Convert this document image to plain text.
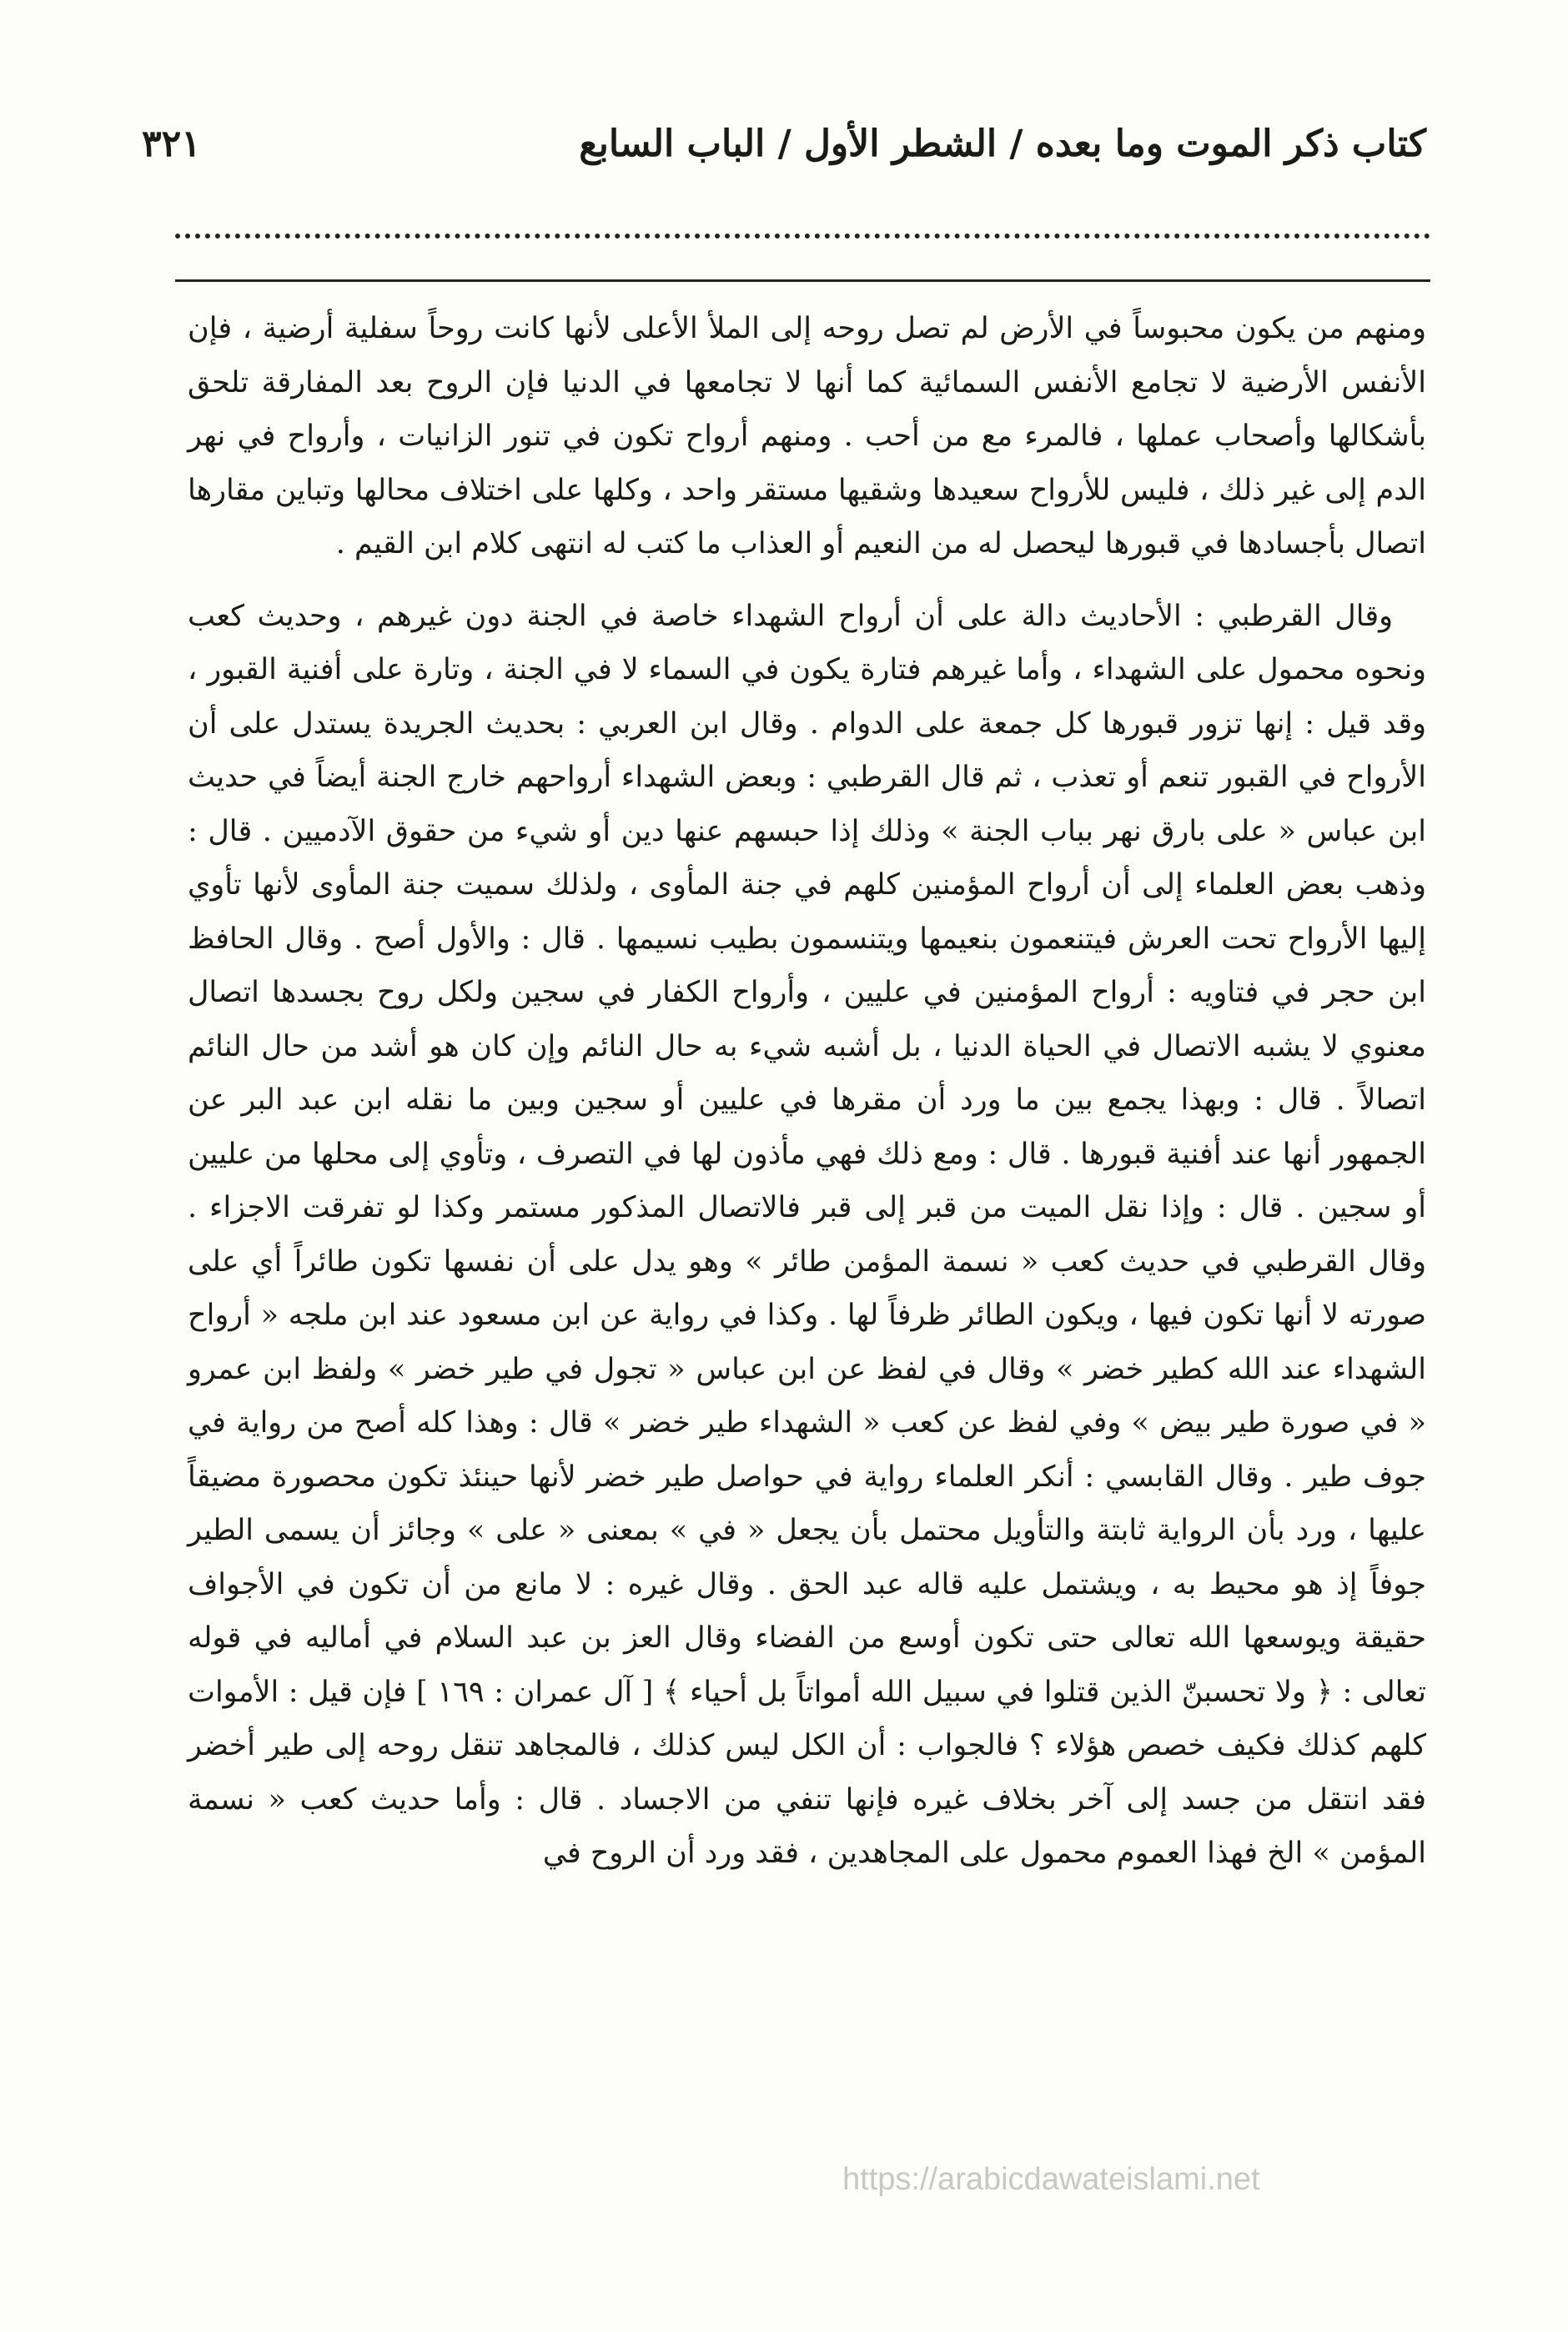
كتاب ذكر الموت وما بعده / الشطر الأول / الباب السابع
٣٢١

ومنهم من يكون محبوساً في الأرض لم تصل روحه إلى الملأ الأعلى لأنها كانت روحاً سفلية أرضية ، فإن الأنفس الأرضية لا تجامع الأنفس السمائية كما أنها لا تجامعها في الدنيا فإن الروح بعد المفارقة تلحق بأشكالها وأصحاب عملها ، فالمرء مع من أحب . ومنهم أرواح تكون في تنور الزانيات ، وأرواح في نهر الدم إلى غير ذلك ، فليس للأرواح سعيدها وشقيها مستقر واحد ، وكلها على اختلاف محالها وتباين مقارها اتصال بأجسادها في قبورها ليحصل له من النعيم أو العذاب ما كتب له انتهى كلام ابن القيم .

وقال القرطبي : الأحاديث دالة على أن أرواح الشهداء خاصة في الجنة دون غيرهم ، وحديث كعب ونحوه محمول على الشهداء ، وأما غيرهم فتارة يكون في السماء لا في الجنة ، وتارة على أفنية القبور ، وقد قيل : إنها تزور قبورها كل جمعة على الدوام . وقال ابن العربي : بحديث الجريدة يستدل على أن الأرواح في القبور تنعم أو تعذب ، ثم قال القرطبي : وبعض الشهداء أرواحهم خارج الجنة أيضاً في حديث ابن عباس « على بارق نهر بباب الجنة » وذلك إذا حبسهم عنها دين أو شيء من حقوق الآدميين . قال : وذهب بعض العلماء إلى أن أرواح المؤمنين كلهم في جنة المأوى ، ولذلك سميت جنة المأوى لأنها تأوي إليها الأرواح تحت العرش فيتنعمون بنعيمها ويتنسمون بطيب نسيمها . قال : والأول أصح . وقال الحافظ ابن حجر في فتاويه : أرواح المؤمنين في عليين ، وأرواح الكفار في سجين ولكل روح بجسدها اتصال معنوي لا يشبه الاتصال في الحياة الدنيا ، بل أشبه شيء به حال النائم وإن كان هو أشد من حال النائم اتصالاً . قال : وبهذا يجمع بين ما ورد أن مقرها في عليين أو سجين وبين ما نقله ابن عبد البر عن الجمهور أنها عند أفنية قبورها . قال : ومع ذلك فهي مأذون لها في التصرف ، وتأوي إلى محلها من عليين أو سجين . قال : وإذا نقل الميت من قبر إلى قبر فالاتصال المذكور مستمر وكذا لو تفرقت الاجزاء . وقال القرطبي في حديث كعب « نسمة المؤمن طائر » وهو يدل على أن نفسها تكون طائراً أي على صورته لا أنها تكون فيها ، ويكون الطائر ظرفاً لها . وكذا في رواية عن ابن مسعود عند ابن ملجه « أرواح الشهداء عند الله كطير خضر » وقال في لفظ عن ابن عباس « تجول في طير خضر » ولفظ ابن عمرو « في صورة طير بيض » وفي لفظ عن كعب « الشهداء طير خضر » قال : وهذا كله أصح من رواية في جوف طير . وقال القابسي : أنكر العلماء رواية في حواصل طير خضر لأنها حينئذ تكون محصورة مضيقاً عليها ، ورد بأن الرواية ثابتة والتأويل محتمل بأن يجعل « في » بمعنى « على » وجائز أن يسمى الطير جوفاً إذ هو محيط به ، ويشتمل عليه قاله عبد الحق . وقال غيره : لا مانع من أن تكون في الأجواف حقيقة ويوسعها الله تعالى حتى تكون أوسع من الفضاء وقال العز بن عبد السلام في أماليه في قوله تعالى : ﴿ ولا تحسبنّ الذين قتلوا في سبيل الله أمواتاً بل أحياء ﴾ [ آل عمران : ١٦٩ ] فإن قيل : الأموات كلهم كذلك فكيف خصص هؤلاء ؟ فالجواب : أن الكل ليس كذلك ، فالمجاهد تنقل روحه إلى طير أخضر فقد انتقل من جسد إلى آخر بخلاف غيره فإنها تنفي من الاجساد . قال : وأما حديث كعب « نسمة المؤمن » الخ فهذا العموم محمول على المجاهدين ، فقد ورد أن الروح في

https://arabicdawateislami.net
